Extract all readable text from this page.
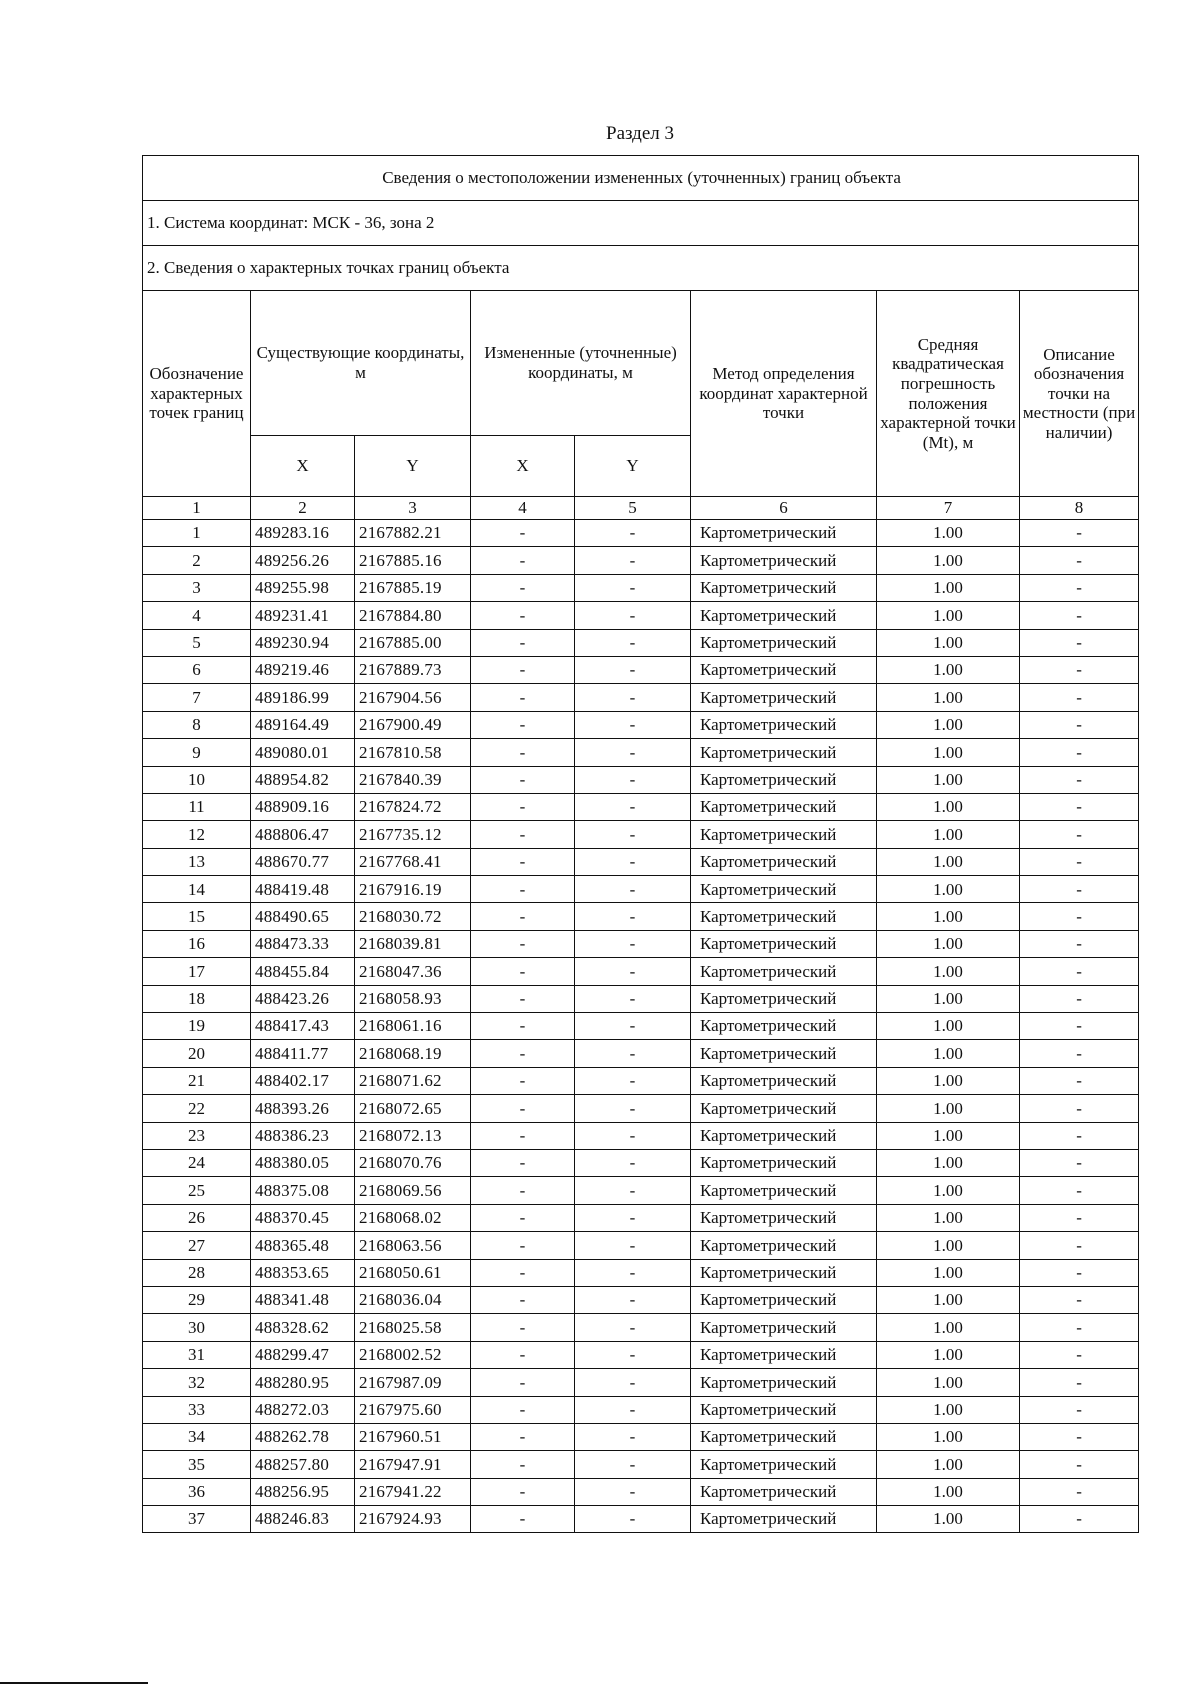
Раздел 3
Сведения о местоположении измененных (уточненных) границ объекта							
1. Система координат: МСК - 36, зона 2							
2. Сведения о характерных точках границ объекта							
Обозначение характерных точек границ	Существующие координаты, м		Измененные (уточненные) координаты, м		Метод определения координат характерной точки	Средняя квадратическая погрешность положения характерной точки (Mt), м	Описание обозначения точки на местности (при наличии)
	X	Y	X	Y			
1	2	3	4	5	6	7	8
1	489283.16	2167882.21	-	-	Картометрический	1.00	-
2	489256.26	2167885.16	-	-	Картометрический	1.00	-
3	489255.98	2167885.19	-	-	Картометрический	1.00	-
4	489231.41	2167884.80	-	-	Картометрический	1.00	-
5	489230.94	2167885.00	-	-	Картометрический	1.00	-
6	489219.46	2167889.73	-	-	Картометрический	1.00	-
7	489186.99	2167904.56	-	-	Картометрический	1.00	-
8	489164.49	2167900.49	-	-	Картометрический	1.00	-
9	489080.01	2167810.58	-	-	Картометрический	1.00	-
10	488954.82	2167840.39	-	-	Картометрический	1.00	-
11	488909.16	2167824.72	-	-	Картометрический	1.00	-
12	488806.47	2167735.12	-	-	Картометрический	1.00	-
13	488670.77	2167768.41	-	-	Картометрический	1.00	-
14	488419.48	2167916.19	-	-	Картометрический	1.00	-
15	488490.65	2168030.72	-	-	Картометрический	1.00	-
16	488473.33	2168039.81	-	-	Картометрический	1.00	-
17	488455.84	2168047.36	-	-	Картометрический	1.00	-
18	488423.26	2168058.93	-	-	Картометрический	1.00	-
19	488417.43	2168061.16	-	-	Картометрический	1.00	-
20	488411.77	2168068.19	-	-	Картометрический	1.00	-
21	488402.17	2168071.62	-	-	Картометрический	1.00	-
22	488393.26	2168072.65	-	-	Картометрический	1.00	-
23	488386.23	2168072.13	-	-	Картометрический	1.00	-
24	488380.05	2168070.76	-	-	Картометрический	1.00	-
25	488375.08	2168069.56	-	-	Картометрический	1.00	-
26	488370.45	2168068.02	-	-	Картометрический	1.00	-
27	488365.48	2168063.56	-	-	Картометрический	1.00	-
28	488353.65	2168050.61	-	-	Картометрический	1.00	-
29	488341.48	2168036.04	-	-	Картометрический	1.00	-
30	488328.62	2168025.58	-	-	Картометрический	1.00	-
31	488299.47	2168002.52	-	-	Картометрический	1.00	-
32	488280.95	2167987.09	-	-	Картометрический	1.00	-
33	488272.03	2167975.60	-	-	Картометрический	1.00	-
34	488262.78	2167960.51	-	-	Картометрический	1.00	-
35	488257.80	2167947.91	-	-	Картометрический	1.00	-
36	488256.95	2167941.22	-	-	Картометрический	1.00	-
37	488246.83	2167924.93	-	-	Картометрический	1.00	-
